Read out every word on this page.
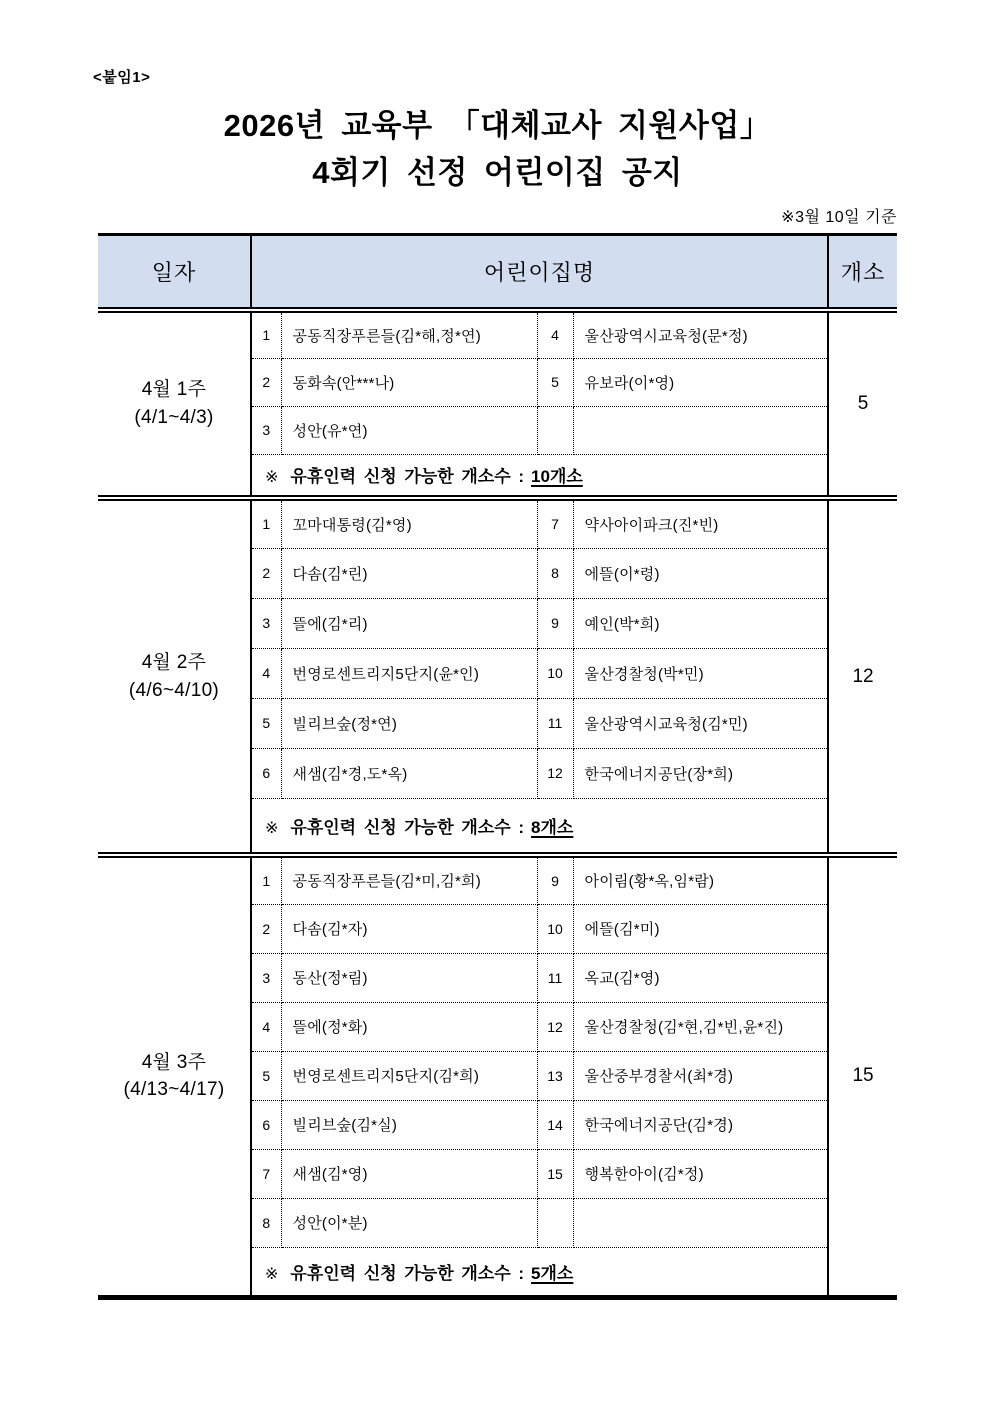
<붙임1>
2026년 교육부 「대체교사 지원사업」
4회기 선정 어린이집 공지
※3월 10일 기준
일자	어린이집명				개소

4월 1주
(4/1~4/3)	1	공동직장푸른들(김*해,정*연)	4	울산광역시교육청(문*정)	5
	2	동화속(안***나)	5	유보라(이*영)	
	3	성안(유*연)			
	※ 유휴인력 신청 가능한 개소수 : 10개소				

4월 2주
(4/6~4/10)	1	꼬마대통령(김*영)	7	약사아이파크(진*빈)	12
	2	다솜(김*린)	8	에뜰(이*령)	
	3	뜰에(김*리)	9	예인(박*희)	
	4	번영로센트리지5단지(윤*인)	10	울산경찰청(박*민)	
	5	빌리브숲(정*연)	11	울산광역시교육청(김*민)	
	6	새샘(김*경,도*옥)	12	한국에너지공단(장*희)	
	※ 유휴인력 신청 가능한 개소수 : 8개소				

4월 3주
(4/13~4/17)	1	공동직장푸른들(김*미,김*희)	9	아이림(황*옥,임*람)	15
	2	다솜(김*자)	10	에뜰(김*미)	
	3	동산(정*림)	11	옥교(김*영)	
	4	뜰에(정*화)	12	울산경찰청(김*현,김*빈,윤*진)	
	5	번영로센트리지5단지(김*희)	13	울산중부경찰서(최*경)	
	6	빌리브숲(김*실)	14	한국에너지공단(김*경)	
	7	새샘(김*영)	15	행복한아이(김*정)	
	8	성안(이*분)			
	※ 유휴인력 신청 가능한 개소수 : 5개소				
